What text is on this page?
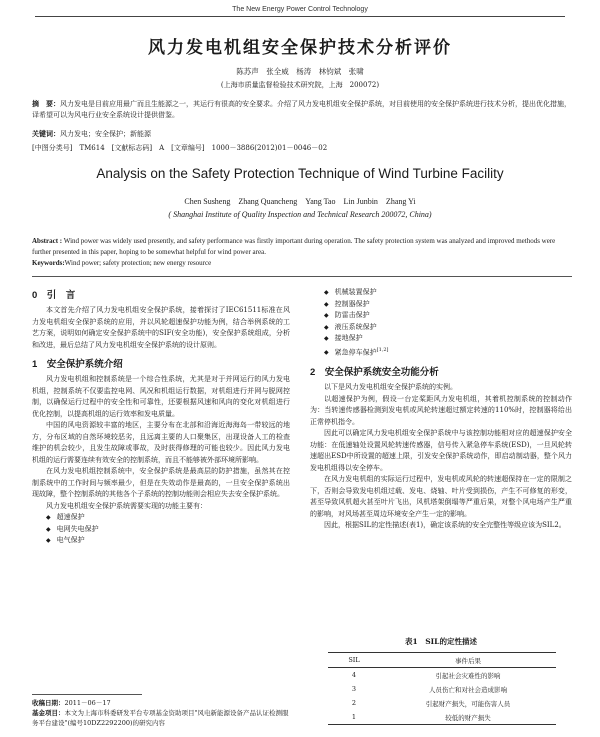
The New Energy Power Control Technology
风力发电机组安全保护技术分析评价
陈苏声　张全威　杨涛　林钧斌　张啸
(上海市质量监督检验技术研究院，上海　200072)
摘　要：风力发电是目前应用最广而且生能源之一，其运行有很高的安全要求。介绍了风力发电机组安全保护系统，对目前使用的安全保护系统进行技术分析，提出优化措施，译希望可以为风电行业安全系统设计提供借鉴。
关键词：风力发电；安全保护；新能源
[中图分类号]　TM614　[文献标志码]　A　[文章编号]　1000－3886(2012)01－0046－02
Analysis on the Safety Protection Technique of Wind Turbine Facility
Chen Susheng　Zhang Quancheng　Yang Tao　Lin Junbin　Zhang Yi
( Shanghai Institute of Quality Inspection and Technical Research 200072, China)
Abstract : Wind power was widely used presently, and safety performance was firstly important during operation. The safety protection system was analyzed and improved methods were further presented in this paper, hoping to be somewhat helpful for wind power area.
Keywords:Wind power; safety protection; new energy resource
0　引　言
本文首先介绍了风力发电机组安全保护系统，接着探讨了IEC61511标准在风力发电机组安全保护系统的应用，并以风轮超速保护功能为例，结合举例系统的工艺方案，说明如何确定安全保护系统中的SIF(安全功能)，安全保护系统组成，分析和改进，最后总结了风力发电机组安全保护系统的设计原则。
1　安全保护系统介绍
风力发电机组和控制系统是一个综合性系统，尤其是对于并网运行的风力发电机组，控制系统不仅要监控电网、风况和机组运行数据，对机组进行并网与脱网控制，以确保运行过程中的安全性和可靠性，还要根据风速和风向的变化对机组进行优化控制，以提高机组的运行效率和发电质量。
中国的风电资源较丰富的地区，主要分布在北部和沿海近海海岛一带较远的地方，分布区域的自然环境较恶劣，且远离主要的人口聚集区，出现设备人工的检查维护的机会较少，且发生故障或事故，及时获得修理的可能也较少。因此风力发电机组的运行需要连续有效安全的控制系统，而且不能够被外部环境所影响。
在风力发电机组控制系统中，安全保护系统是最高层的防护措施，虽然其在控制系统中的工作时间与频率最少，但是在失效动作是最高的，一旦安全保护系统出现故障，整个控制系统的其他各个子系统的控制功能则会相应失去安全保护系统。
风力发电机组安全保护系统需要实现的功能主要有：
◆ 超速保护
◆ 电网失电保护
◆ 电气保护
◆ 机械装置保护
◆ 控制器保护
◆ 防雷击保护
◆ 液压系统保护
◆ 接地保护
◆ 紧急停车保护[1,2]
2　安全保护系统安全功能分析
以下是风力发电机组安全保护系统的实例。
以超速保护为例，假设一台定桨距风力发电机组，其着机控制系统的控制动作为：当转速传感器检测到发电机或风轮转速超过额定转速的110%时，控制器将给出正常停机指令。
因此可以确定风力发电机组安全保护系统中与该控制功能相对应的超速保护安全功能：在低速轴处设置风轮转速传感器，信号传入紧急停车系统(ESD)，一旦风轮转速超出ESD中所设置的超速上限，引发安全保护系统动作，即启动制动器，整个风力发电机组得以安全停车。
在风力发电机组的实际运行过程中，发电机或风轮的转速超保持在一定的限制之下，否则会导致发电机组过载、发电、烧轴、叶片受到损伤，产生不可修复的形变，甚至导致风机超火甚至叶片飞出，风机塔架倒塌等严重后果，对整个风电场产生严重的影响，对风场甚至周边环境安全产生一定的影响。
因此，根据SIL的定性描述(表1)，确定该系统的安全完整性等级应该为SIL2。
表1　SIL的定性描述
SIL	事件后果
4	引起社会灾难性的影响
3	人员伤亡和对社会造成影响
2	引起财产损失，可能伤害人员
1	较低的财产损失
收稿日期：2011－06－17
基金项目：本文为上海市科委研发平台专项基金资助项目"风电新能源设备产品认证检测服务平台建设"(编号10DZ2292200)的研究内容
